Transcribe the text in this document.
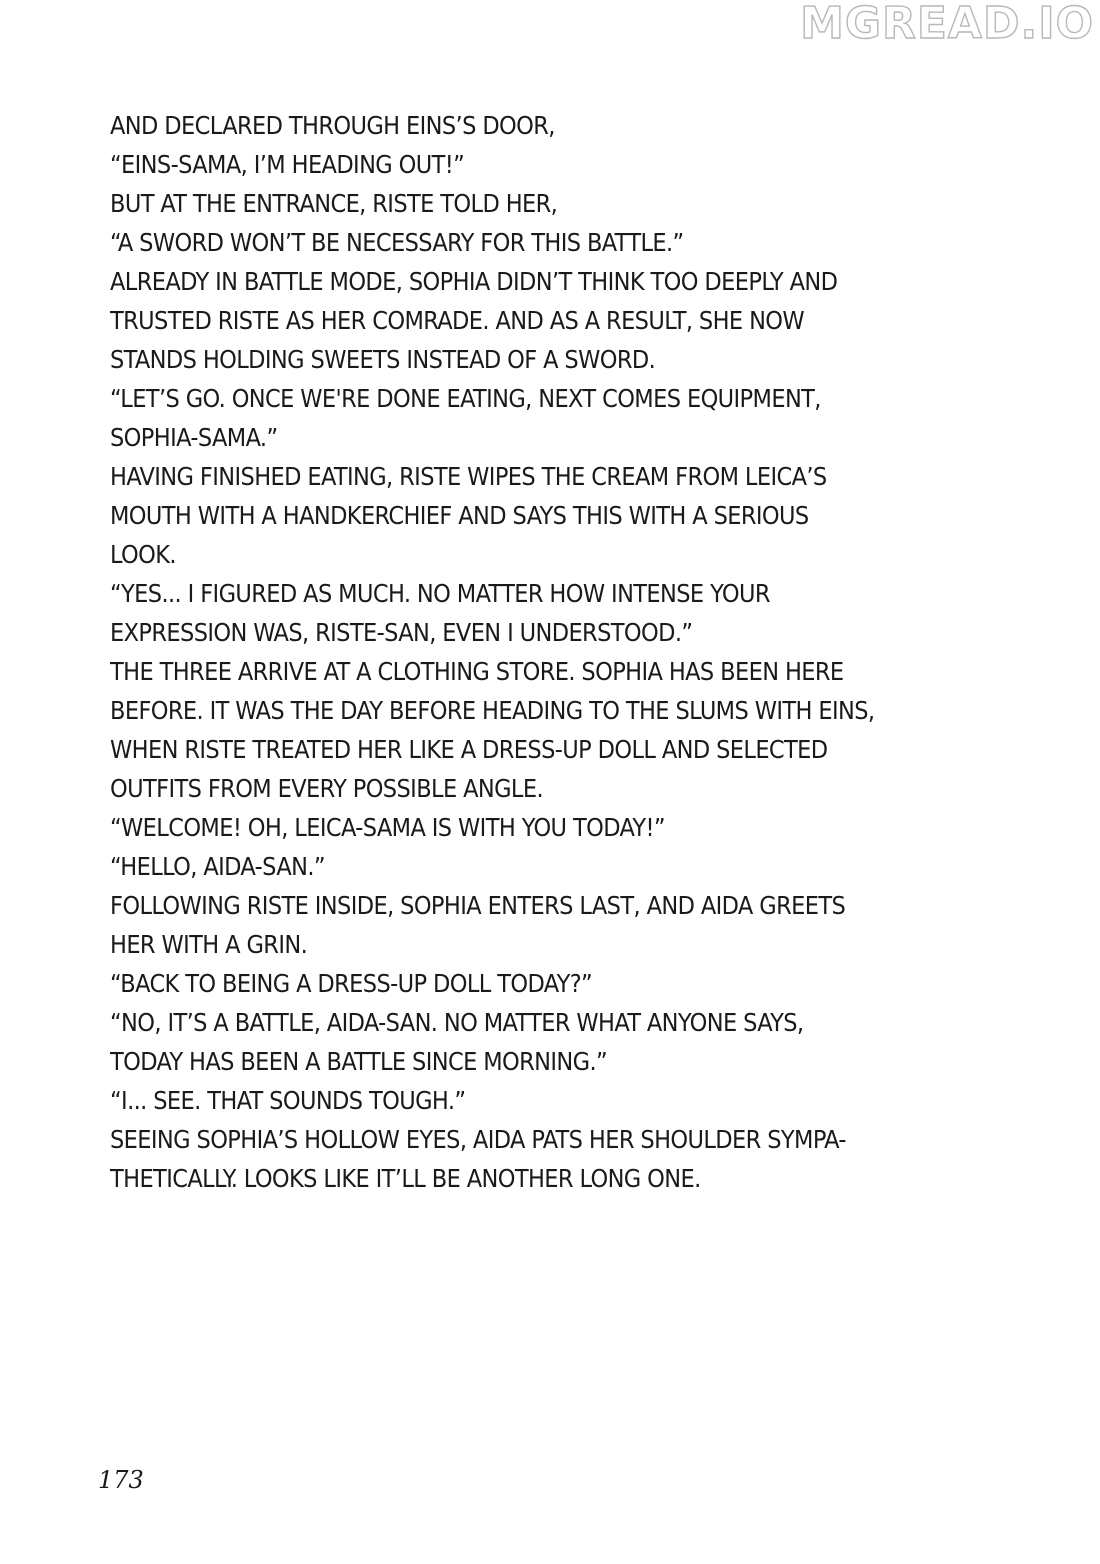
MGREAD.IO
AND DECLARED THROUGH EINS’S DOOR,
“EINS-SAMA, I’M HEADING OUT!”
BUT AT THE ENTRANCE, RISTE TOLD HER,
“A SWORD WON’T BE NECESSARY FOR THIS BATTLE.”
ALREADY IN BATTLE MODE, SOPHIA DIDN’T THINK TOO DEEPLY AND
TRUSTED RISTE AS HER COMRADE. AND AS A RESULT, SHE NOW
STANDS HOLDING SWEETS INSTEAD OF A SWORD.
“LET’S GO. ONCE WE'RE DONE EATING, NEXT COMES EQUIPMENT,
SOPHIA-SAMA.”
HAVING FINISHED EATING, RISTE WIPES THE CREAM FROM LEICA’S
MOUTH WITH A HANDKERCHIEF AND SAYS THIS WITH A SERIOUS
LOOK.
“YES... I FIGURED AS MUCH. NO MATTER HOW INTENSE YOUR
EXPRESSION WAS, RISTE-SAN, EVEN I UNDERSTOOD.”
THE THREE ARRIVE AT A CLOTHING STORE. SOPHIA HAS BEEN HERE
BEFORE. IT WAS THE DAY BEFORE HEADING TO THE SLUMS WITH EINS,
WHEN RISTE TREATED HER LIKE A DRESS-UP DOLL AND SELECTED
OUTFITS FROM EVERY POSSIBLE ANGLE.
“WELCOME! OH, LEICA-SAMA IS WITH YOU TODAY!”
“HELLO, AIDA-SAN.”
FOLLOWING RISTE INSIDE, SOPHIA ENTERS LAST, AND AIDA GREETS
HER WITH A GRIN.
“BACK TO BEING A DRESS-UP DOLL TODAY?”
“NO, IT’S A BATTLE, AIDA-SAN. NO MATTER WHAT ANYONE SAYS,
TODAY HAS BEEN A BATTLE SINCE MORNING.”
“I... SEE. THAT SOUNDS TOUGH.”
SEEING SOPHIA’S HOLLOW EYES, AIDA PATS HER SHOULDER SYMPA-
THETICALLY. LOOKS LIKE IT’LL BE ANOTHER LONG ONE.
173
